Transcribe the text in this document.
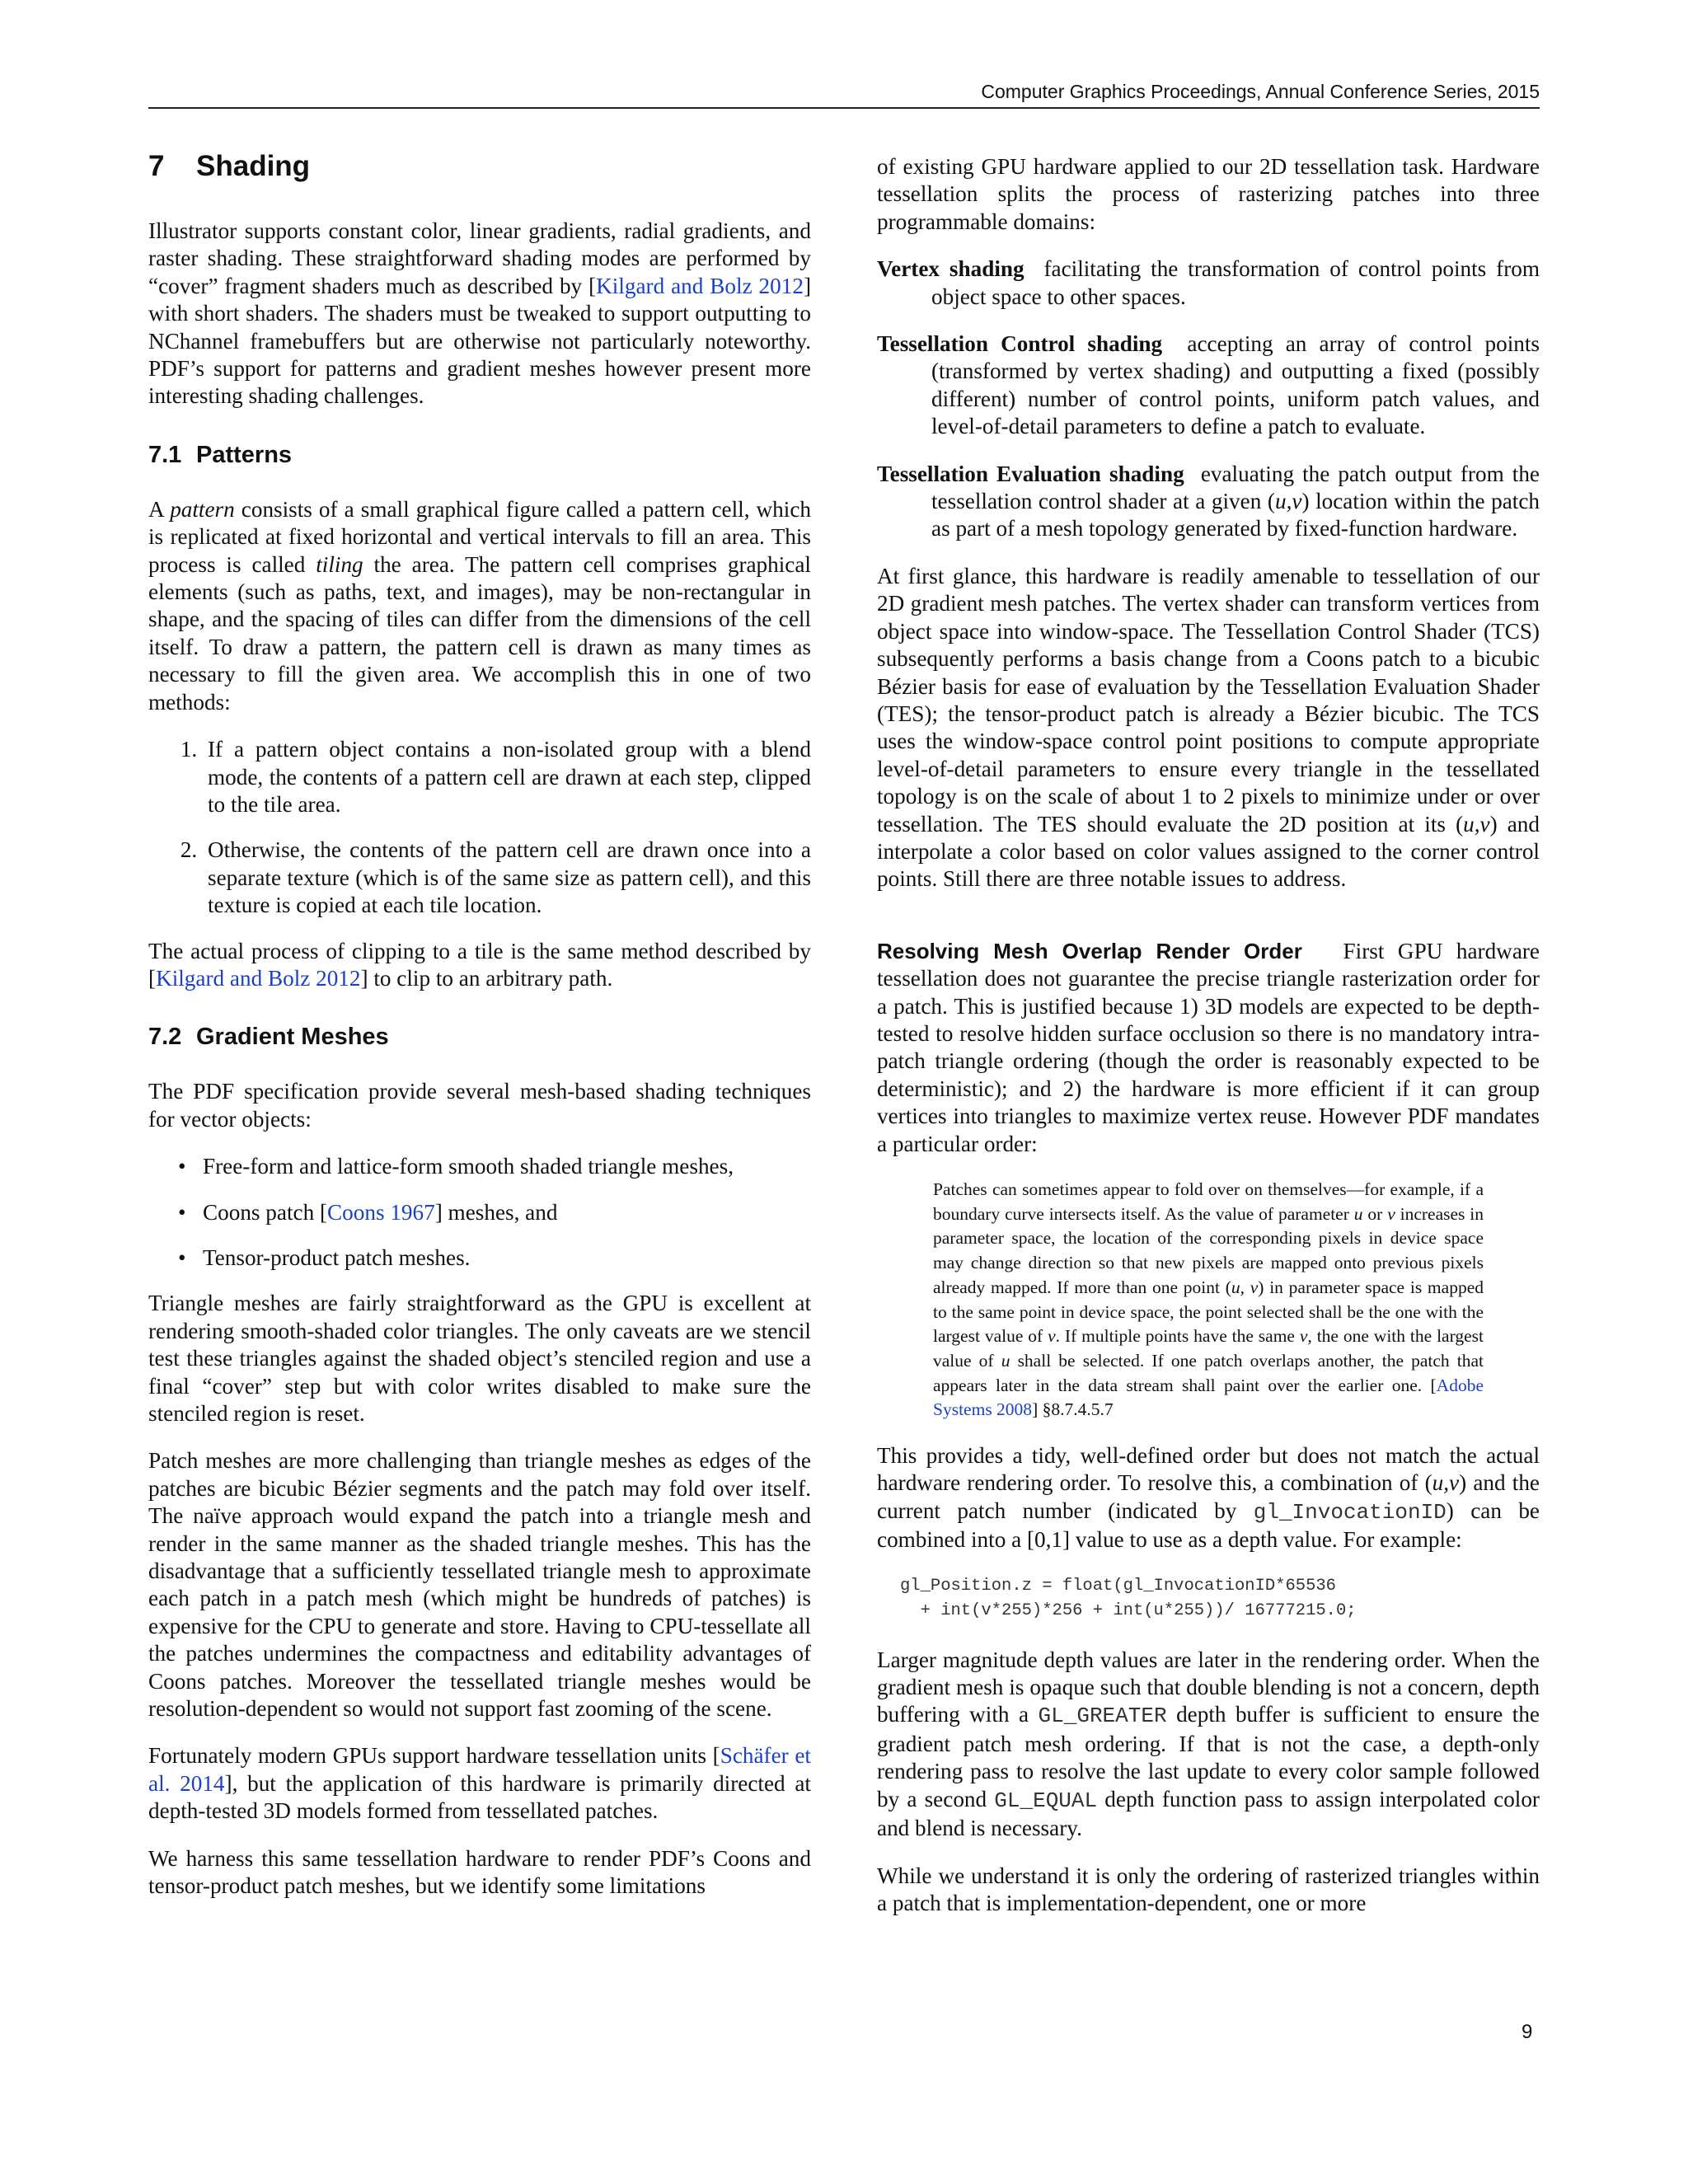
Computer Graphics Proceedings, Annual Conference Series, 2015
7 Shading

Illustrator supports constant color, linear gradients, radial gradients, and raster shading. These straightforward shading modes are performed by “cover” fragment shaders much as described by [Kilgard and Bolz 2012] with short shaders. The shaders must be tweaked to support outputting to NChannel framebuffers but are otherwise not particularly noteworthy. PDF’s support for patterns and gradient meshes however present more interesting shading challenges.

7.1 Patterns

A pattern consists of a small graphical figure called a pattern cell, which is replicated at fixed horizontal and vertical intervals to fill an area. This process is called tiling the area. The pattern cell comprises graphical elements (such as paths, text, and images), may be non-rectangular in shape, and the spacing of tiles can differ from the dimensions of the cell itself. To draw a pattern, the pattern cell is drawn as many times as necessary to fill the given area. We accomplish this in one of two methods:

1. If a pattern object contains a non-isolated group with a blend mode, the contents of a pattern cell are drawn at each step, clipped to the tile area.
2. Otherwise, the contents of the pattern cell are drawn once into a separate texture (which is of the same size as pattern cell), and this texture is copied at each tile location.

The actual process of clipping to a tile is the same method described by [Kilgard and Bolz 2012] to clip to an arbitrary path.

7.2 Gradient Meshes

The PDF specification provide several mesh-based shading techniques for vector objects:

• Free-form and lattice-form smooth shaded triangle meshes,
• Coons patch [Coons 1967] meshes, and
• Tensor-product patch meshes.

Triangle meshes are fairly straightforward as the GPU is excellent at rendering smooth-shaded color triangles. The only caveats are we stencil test these triangles against the shaded object’s stenciled region and use a final “cover” step but with color writes disabled to make sure the stenciled region is reset.

Patch meshes are more challenging than triangle meshes as edges of the patches are bicubic Bézier segments and the patch may fold over itself. The naïve approach would expand the patch into a triangle mesh and render in the same manner as the shaded triangle meshes. This has the disadvantage that a sufficiently tessellated triangle mesh to approximate each patch in a patch mesh (which might be hundreds of patches) is expensive for the CPU to generate and store. Having to CPU-tessellate all the patches undermines the compactness and editability advantages of Coons patches. Moreover the tessellated triangle meshes would be resolution-dependent so would not support fast zooming of the scene.

Fortunately modern GPUs support hardware tessellation units [Schäfer et al. 2014], but the application of this hardware is primarily directed at depth-tested 3D models formed from tessellated patches.

We harness this same tessellation hardware to render PDF’s Coons and tensor-product patch meshes, but we identify some limitations

of existing GPU hardware applied to our 2D tessellation task. Hardware tessellation splits the process of rasterizing patches into three programmable domains:

Vertex shading facilitating the transformation of control points from object space to other spaces.
Tessellation Control shading accepting an array of control points (transformed by vertex shading) and outputting a fixed (possibly different) number of control points, uniform patch values, and level-of-detail parameters to define a patch to evaluate.
Tessellation Evaluation shading evaluating the patch output from the tessellation control shader at a given (u,v) location within the patch as part of a mesh topology generated by fixed-function hardware.

At first glance, this hardware is readily amenable to tessellation of our 2D gradient mesh patches. The vertex shader can transform vertices from object space into window-space. The Tessellation Control Shader (TCS) subsequently performs a basis change from a Coons patch to a bicubic Bézier basis for ease of evaluation by the Tessellation Evaluation Shader (TES); the tensor-product patch is already a Bézier bicubic. The TCS uses the window-space control point positions to compute appropriate level-of-detail parameters to ensure every triangle in the tessellated topology is on the scale of about 1 to 2 pixels to minimize under or over tessellation. The TES should evaluate the 2D position at its (u,v) and interpolate a color based on color values assigned to the corner control points. Still there are three notable issues to address.

Resolving Mesh Overlap Render Order First GPU hardware tessellation does not guarantee the precise triangle rasterization order for a patch. This is justified because 1) 3D models are expected to be depth-tested to resolve hidden surface occlusion so there is no mandatory intra-patch triangle ordering (though the order is reasonably expected to be deterministic); and 2) the hardware is more efficient if it can group vertices into triangles to maximize vertex reuse. However PDF mandates a particular order:

Patches can sometimes appear to fold over on themselves—for example, if a boundary curve intersects itself. As the value of parameter u or v increases in parameter space, the location of the corresponding pixels in device space may change direction so that new pixels are mapped onto previous pixels already mapped. If more than one point (u, v) in parameter space is mapped to the same point in device space, the point selected shall be the one with the largest value of v. If multiple points have the same v, the one with the largest value of u shall be selected. If one patch overlaps another, the patch that appears later in the data stream shall paint over the earlier one. [Adobe Systems 2008] §8.7.4.5.7

This provides a tidy, well-defined order but does not match the actual hardware rendering order. To resolve this, a combination of (u,v) and the current patch number (indicated by gl_InvocationID) can be combined into a [0,1] value to use as a depth value. For example:

gl_Position.z = float(gl_InvocationID*65536
+ int(v*255)*256 + int(u*255))/ 16777215.0;

Larger magnitude depth values are later in the rendering order. When the gradient mesh is opaque such that double blending is not a concern, depth buffering with a GL_GREATER depth buffer is sufficient to ensure the gradient patch mesh ordering. If that is not the case, a depth-only rendering pass to resolve the last update to every color sample followed by a second GL_EQUAL depth function pass to assign interpolated color and blend is necessary.

While we understand it is only the ordering of rasterized triangles within a patch that is implementation-dependent, one or more

9
